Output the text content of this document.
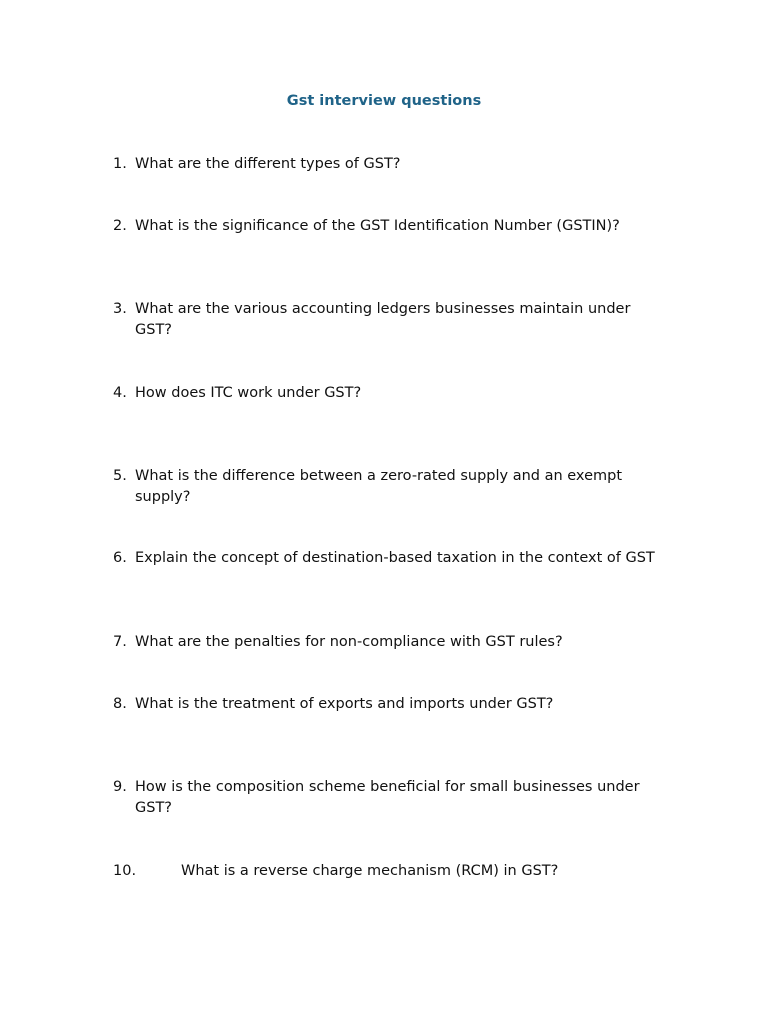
Gst interview questions
1. What are the different types of GST?
2. What is the significance of the GST Identification Number (GSTIN)?
3. What are the various accounting ledgers businesses maintain under GST?
4. How does ITC work under GST?
5. What is the difference between a zero-rated supply and an exempt supply?
6. Explain the concept of destination-based taxation in the context of GST
7. What are the penalties for non-compliance with GST rules?
8. What is the treatment of exports and imports under GST?
9. How is the composition scheme beneficial for small businesses under GST?
10.	What is a reverse charge mechanism (RCM) in GST?
